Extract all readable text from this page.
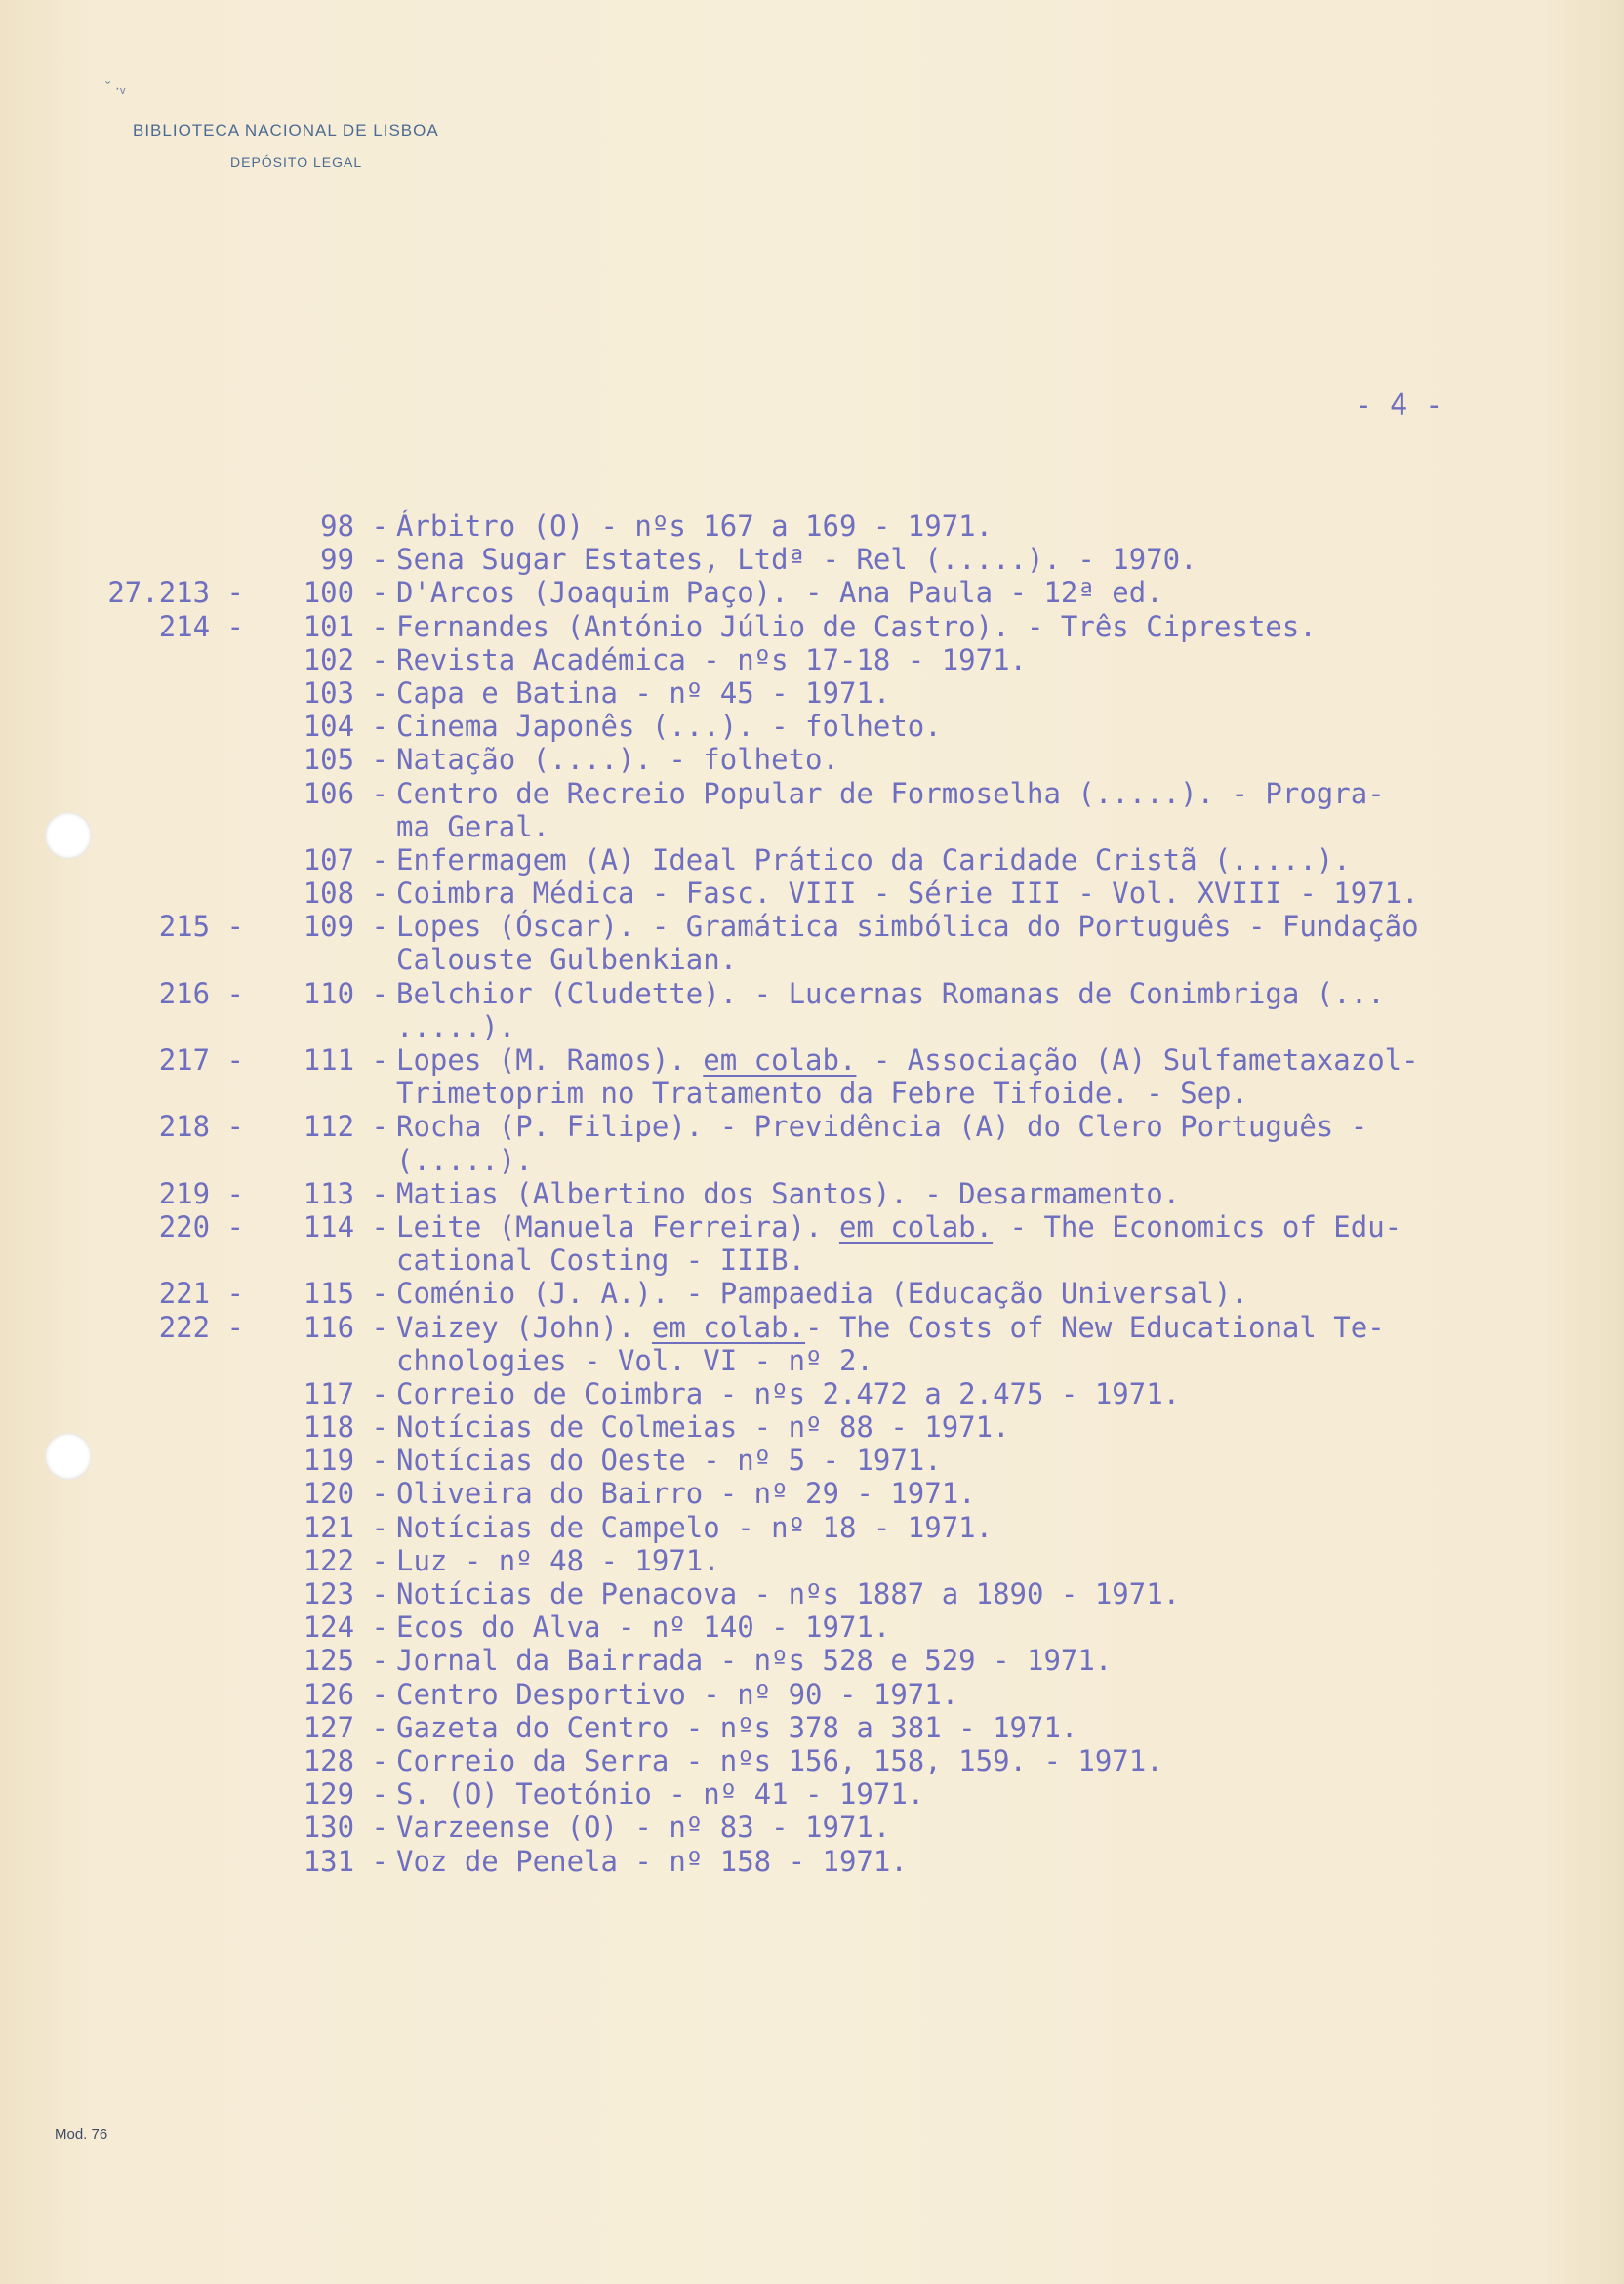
ˇ ·ᵥ
BIBLIOTECA NACIONAL DE LISBOA
DEPÓSITO LEGAL
- 4 -
98 - Árbitro (O) - nºs 167 a 169 - 1971.
99 - Sena Sugar Estates, Ltdª - Rel (.....). - 1970.
27.213 - 100 - D'Arcos (Joaquim Paço). - Ana Paula - 12ª ed.
214 - 101 - Fernandes (António Júlio de Castro). - Três Ciprestes.
102 - Revista Académica - nºs 17-18 - 1971.
103 - Capa e Batina - nº 45 - 1971.
104 - Cinema Japonês (...). - folheto.
105 - Natação (....). - folheto.
106 - Centro de Recreio Popular de Formoselha (.....). - Progra-
ma Geral.
107 - Enfermagem (A) Ideal Prático da Caridade Cristã (.....).
108 - Coimbra Médica - Fasc. VIII - Série III - Vol. XVIII - 1971.
215 - 109 - Lopes (Óscar). - Gramática simbólica do Português - Fundação
Calouste Gulbenkian.
216 - 110 - Belchior (Cludette). - Lucernas Romanas de Conimbriga (...
.....).
217 - 111 - Lopes (M. Ramos). em colab. - Associação (A) Sulfametaxazol-
Trimetoprim no Tratamento da Febre Tifoide. - Sep.
218 - 112 - Rocha (P. Filipe). - Previdência (A) do Clero Português -
(.....).
219 - 113 - Matias (Albertino dos Santos). - Desarmamento.
220 - 114 - Leite (Manuela Ferreira). em colab. - The Economics of Edu-
cational Costing - IIIB.
221 - 115 - Coménio (J. A.). - Pampaedia (Educação Universal).
222 - 116 - Vaizey (John). em colab.- The Costs of New Educational Te-
chnologies - Vol. VI - nº 2.
117 - Correio de Coimbra - nºs 2.472 a 2.475 - 1971.
118 - Notícias de Colmeias - nº 88 - 1971.
119 - Notícias do Oeste - nº 5 - 1971.
120 - Oliveira do Bairro - nº 29 - 1971.
121 - Notícias de Campelo - nº 18 - 1971.
122 - Luz - nº 48 - 1971.
123 - Notícias de Penacova - nºs 1887 a 1890 - 1971.
124 - Ecos do Alva - nº 140 - 1971.
125 - Jornal da Bairrada - nºs 528 e 529 - 1971.
126 - Centro Desportivo - nº 90 - 1971.
127 - Gazeta do Centro - nºs 378 a 381 - 1971.
128 - Correio da Serra - nºs 156, 158, 159. - 1971.
129 - S. (O) Teotónio - nº 41 - 1971.
130 - Varzeense (O) - nº 83 - 1971.
131 - Voz de Penela - nº 158 - 1971.
Mod. 76
